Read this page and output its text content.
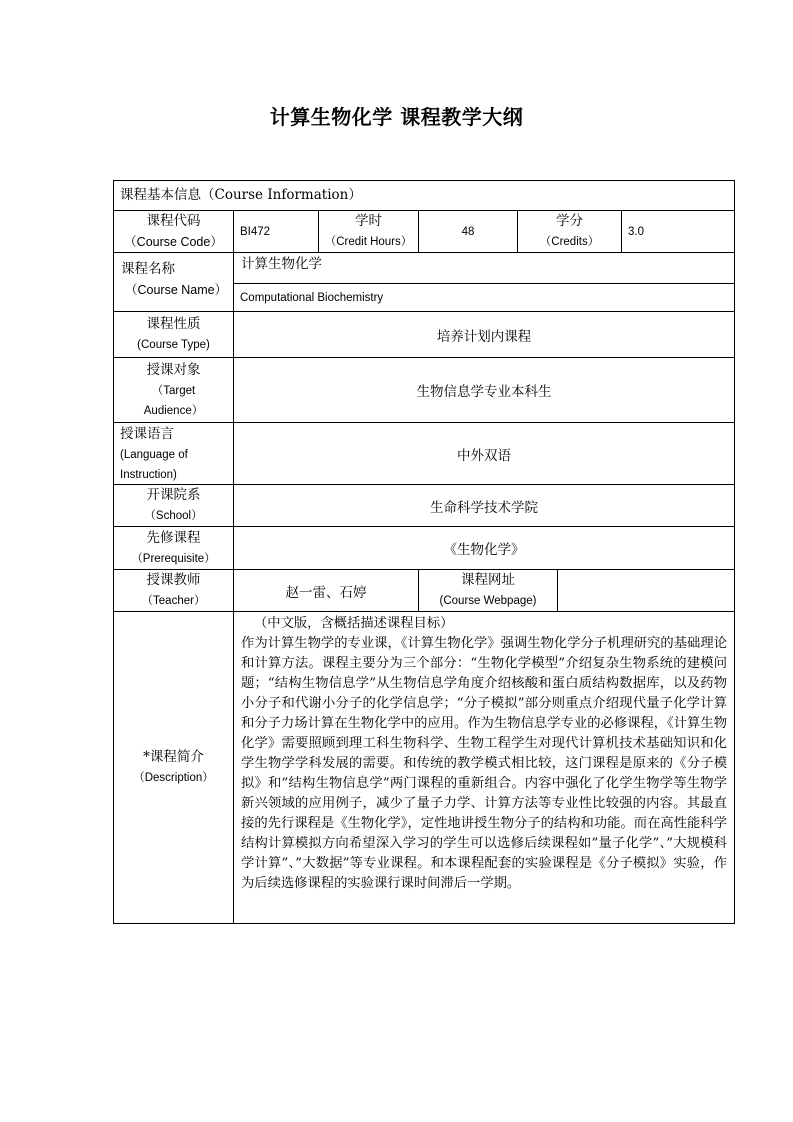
计算生物化学 课程教学大纲
课程基本信息（Course Information）
课程代码
（Course Code）
BI472
学时
（Credit Hours）
48
学分
（Credits）
3.0
课程名称
（Course Name）
计算生物化学
Computational Biochemistry
课程性质
(Course Type)
培养计划内课程
授课对象
（Target
Audience）
生物信息学专业本科生
授课语言
(Language of
Instruction)
中外双语
开课院系
（School）
生命科学技术学院
先修课程
（Prerequisite）
《生物化学》
授课教师
（Teacher）
赵一雷、石婷
课程网址
(Course Webpage)
*课程简介
（Description）

（中文版，含概括描述课程目标）

作为计算生物学的专业课，《计算生物化学》强调生物化学分子机理研究的基础理论和计算方法。课程主要分为三个部分：“生物化学模型”介绍复杂生物系统的建模问题；“结构生物信息学”从生物信息学角度介绍核酸和蛋白质结构数据库，以及药物小分子和代谢小分子的化学信息学；“分子模拟”部分则重点介绍现代量子化学计算和分子力场计算在生物化学中的应用。作为生物信息学专业的必修课程，《计算生物化学》需要照顾到理工科生物科学、生物工程学生对现代计算机技术基础知识和化学生物学学科发展的需要。和传统的教学模式相比较，这门课程是原来的《分子模拟》和”结构生物信息学”两门课程的重新组合。内容中强化了化学生物学等生物学新兴领域的应用例子，减少了量子力学、计算方法等专业性比较强的内容。其最直接的先行课程是《生物化学》，定性地讲授生物分子的结构和功能。而在高性能科学结构计算模拟方向希望深入学习的学生可以选修后续课程如”量子化学”、”大规模科学计算”、”大数据”等专业课程。和本课程配套的实验课程是《分子模拟》实验，作为后续选修课程的实验课行课时间滞后一学期。
